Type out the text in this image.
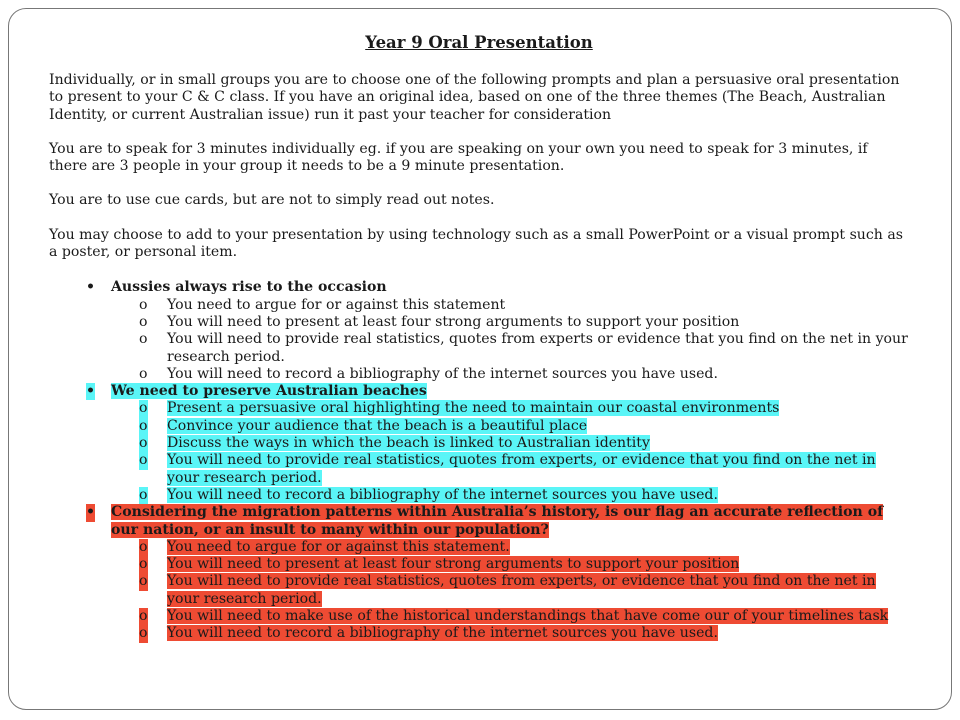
Year 9 Oral Presentation

Individually, or in small groups you are to choose one of the following prompts and plan a persuasive oral presentation to present to your C & C class. If you have an original idea, based on one of the three themes (The Beach, Australian Identity, or current Australian issue) run it past your teacher for consideration

You are to speak for 3 minutes individually eg. if you are speaking on your own you need to speak for 3 minutes, if there are 3 people in your group it needs to be a 9 minute presentation.

You are to use cue cards, but are not to simply read out notes.

You may choose to add to your presentation by using technology such as a small PowerPoint or a visual prompt such as a poster, or personal item.

• Aussies always rise to the occasion
o You need to argue for or against this statement
o You will need to present at least four strong arguments to support your position
o You will need to provide real statistics, quotes from experts or evidence that you find on the net in your research period.
o You will need to record a bibliography of the internet sources you have used.
• We need to preserve Australian beaches
o Present a persuasive oral highlighting the need to maintain our coastal environments
o Convince your audience that the beach is a beautiful place
o Discuss the ways in which the beach is linked to Australian identity
o You will need to provide real statistics, quotes from experts, or evidence that you find on the net in your research period.
o You will need to record a bibliography of the internet sources you have used.
• Considering the migration patterns within Australia’s history, is our flag an accurate reflection of our nation, or an insult to many within our population?
o You need to argue for or against this statement.
o You will need to present at least four strong arguments to support your position
o You will need to provide real statistics, quotes from experts, or evidence that you find on the net in your research period.
o You will need to make use of the historical understandings that have come our of your timelines task
o You will need to record a bibliography of the internet sources you have used.
